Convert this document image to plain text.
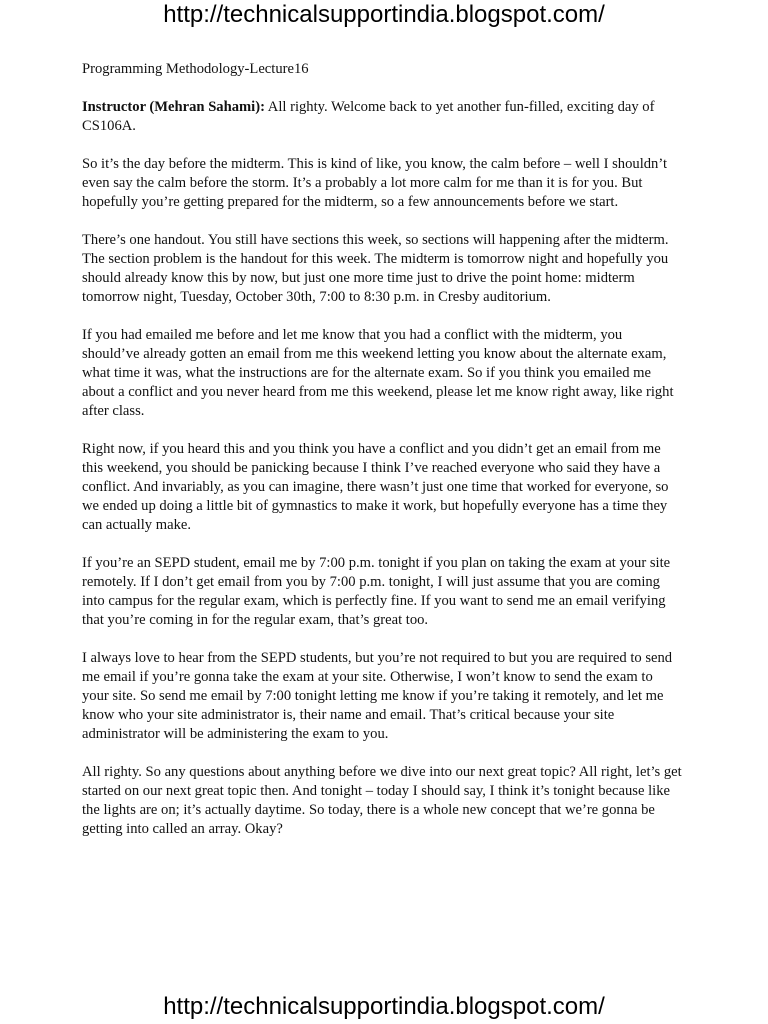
http://technicalsupportindia.blogspot.com/
Programming Methodology-Lecture16

Instructor (Mehran Sahami): All righty. Welcome back to yet another fun-filled, exciting day of CS106A.

So it’s the day before the midterm. This is kind of like, you know, the calm before – well I shouldn’t even say the calm before the storm. It’s a probably a lot more calm for me than it is for you. But hopefully you’re getting prepared for the midterm, so a few announcements before we start.

There’s one handout. You still have sections this week, so sections will happening after the midterm. The section problem is the handout for this week. The midterm is tomorrow night and hopefully you should already know this by now, but just one more time just to drive the point home: midterm tomorrow night, Tuesday, October 30th, 7:00 to 8:30 p.m. in Cresby auditorium.

If you had emailed me before and let me know that you had a conflict with the midterm, you should’ve already gotten an email from me this weekend letting you know about the alternate exam, what time it was, what the instructions are for the alternate exam. So if you think you emailed me about a conflict and you never heard from me this weekend, please let me know right away, like right after class.

Right now, if you heard this and you think you have a conflict and you didn’t get an email from me this weekend, you should be panicking because I think I’ve reached everyone who said they have a conflict. And invariably, as you can imagine, there wasn’t just one time that worked for everyone, so we ended up doing a little bit of gymnastics to make it work, but hopefully everyone has a time they can actually make.

If you’re an SEPD student, email me by 7:00 p.m. tonight if you plan on taking the exam at your site remotely. If I don’t get email from you by 7:00 p.m. tonight, I will just assume that you are coming into campus for the regular exam, which is perfectly fine. If you want to send me an email verifying that you’re coming in for the regular exam, that’s great too.

I always love to hear from the SEPD students, but you’re not required to but you are required to send me email if you’re gonna take the exam at your site. Otherwise, I won’t know to send the exam to your site. So send me email by 7:00 tonight letting me know if you’re taking it remotely, and let me know who your site administrator is, their name and email. That’s critical because your site administrator will be administering the exam to you.

All righty. So any questions about anything before we dive into our next great topic? All right, let’s get started on our next great topic then. And tonight – today I should say, I think it’s tonight because like the lights are on; it’s actually daytime. So today, there is a whole new concept that we’re gonna be getting into called an array. Okay?

http://technicalsupportindia.blogspot.com/
